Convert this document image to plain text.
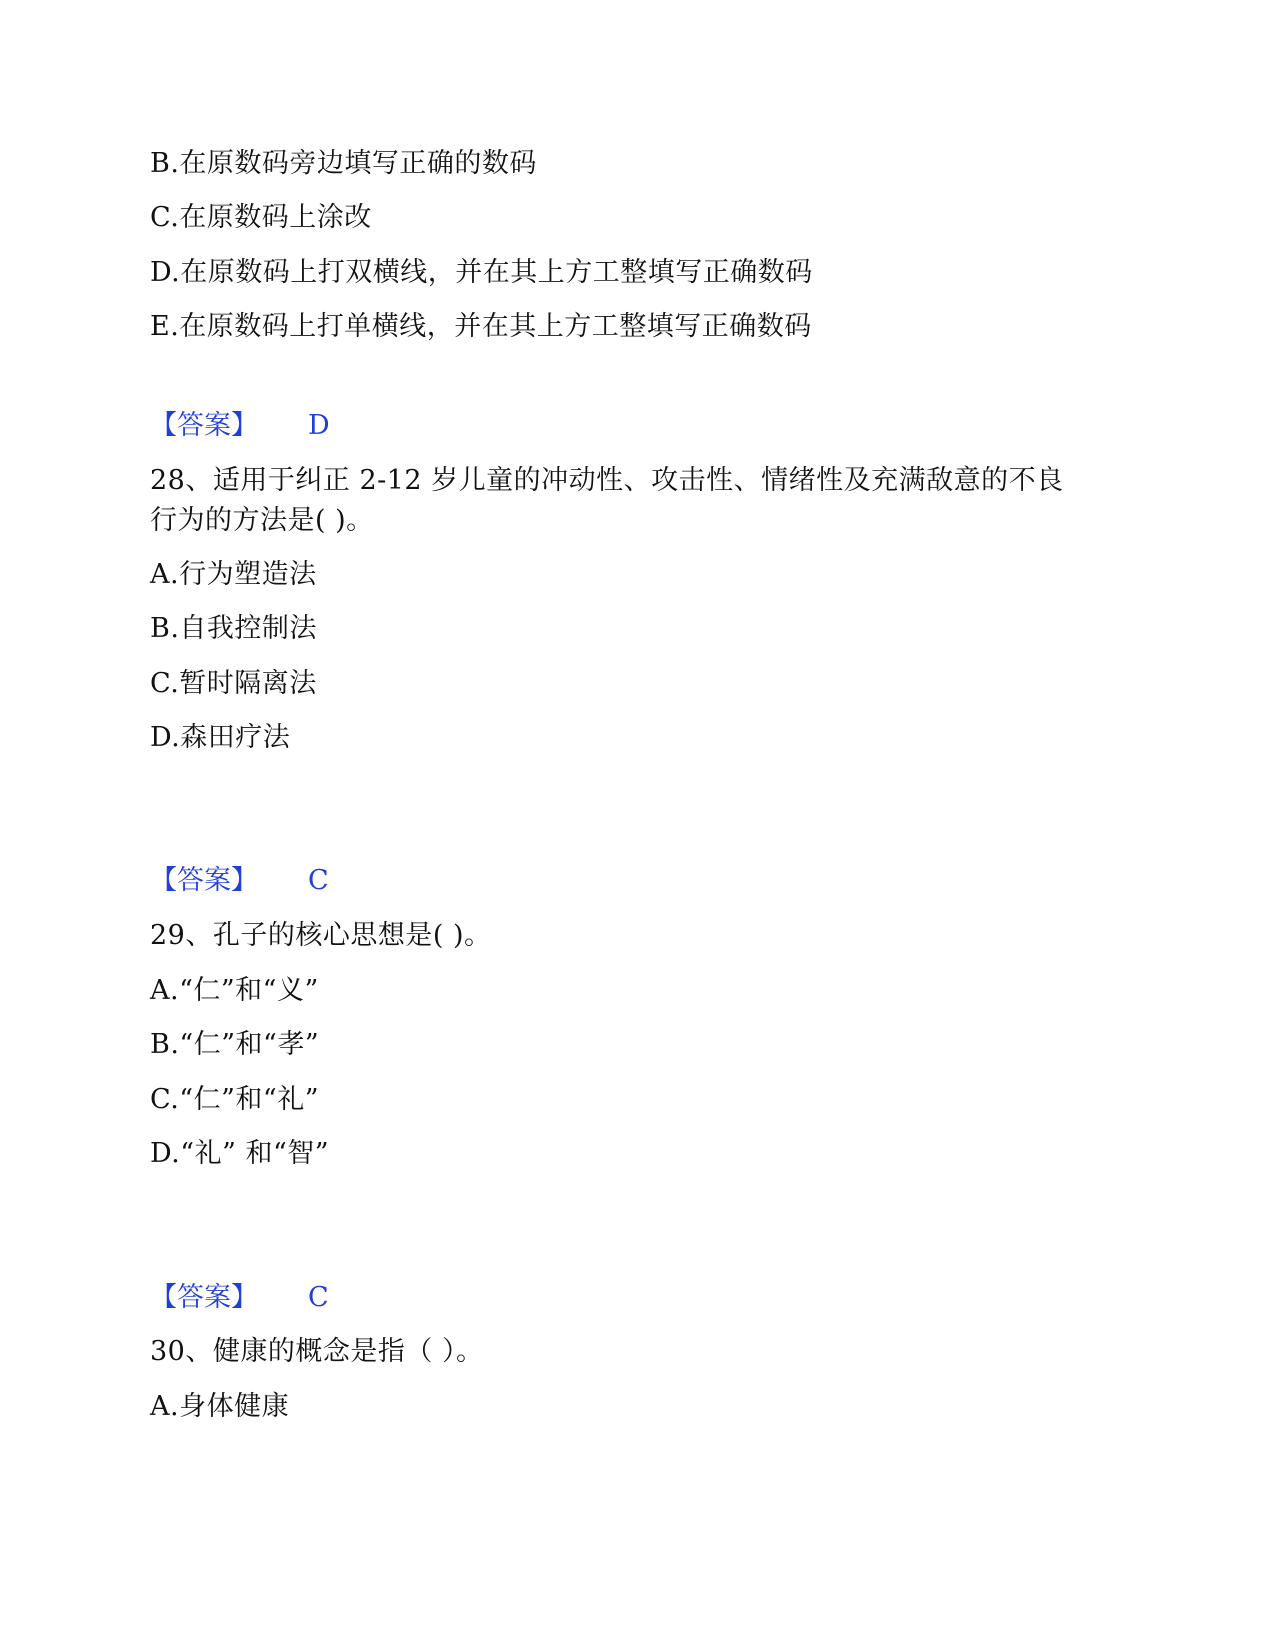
B.在原数码旁边填写正确的数码
C.在原数码上涂改
D.在原数码上打双横线，并在其上方工整填写正确数码
E.在原数码上打单横线，并在其上方工整填写正确数码
【答案】 D
28、适用于纠正 2-12 岁儿童的冲动性、攻击性、情绪性及充满敌意的不良
行为的方法是( )。
A.行为塑造法
B.自我控制法
C.暂时隔离法
D.森田疗法
【答案】 C
29、孔子的核心思想是( )。
A.“仁”和“义”
B.“仁”和“孝”
C.“仁”和“礼”
D.“礼” 和“智”
【答案】 C
30、健康的概念是指（ ）。
A.身体健康
